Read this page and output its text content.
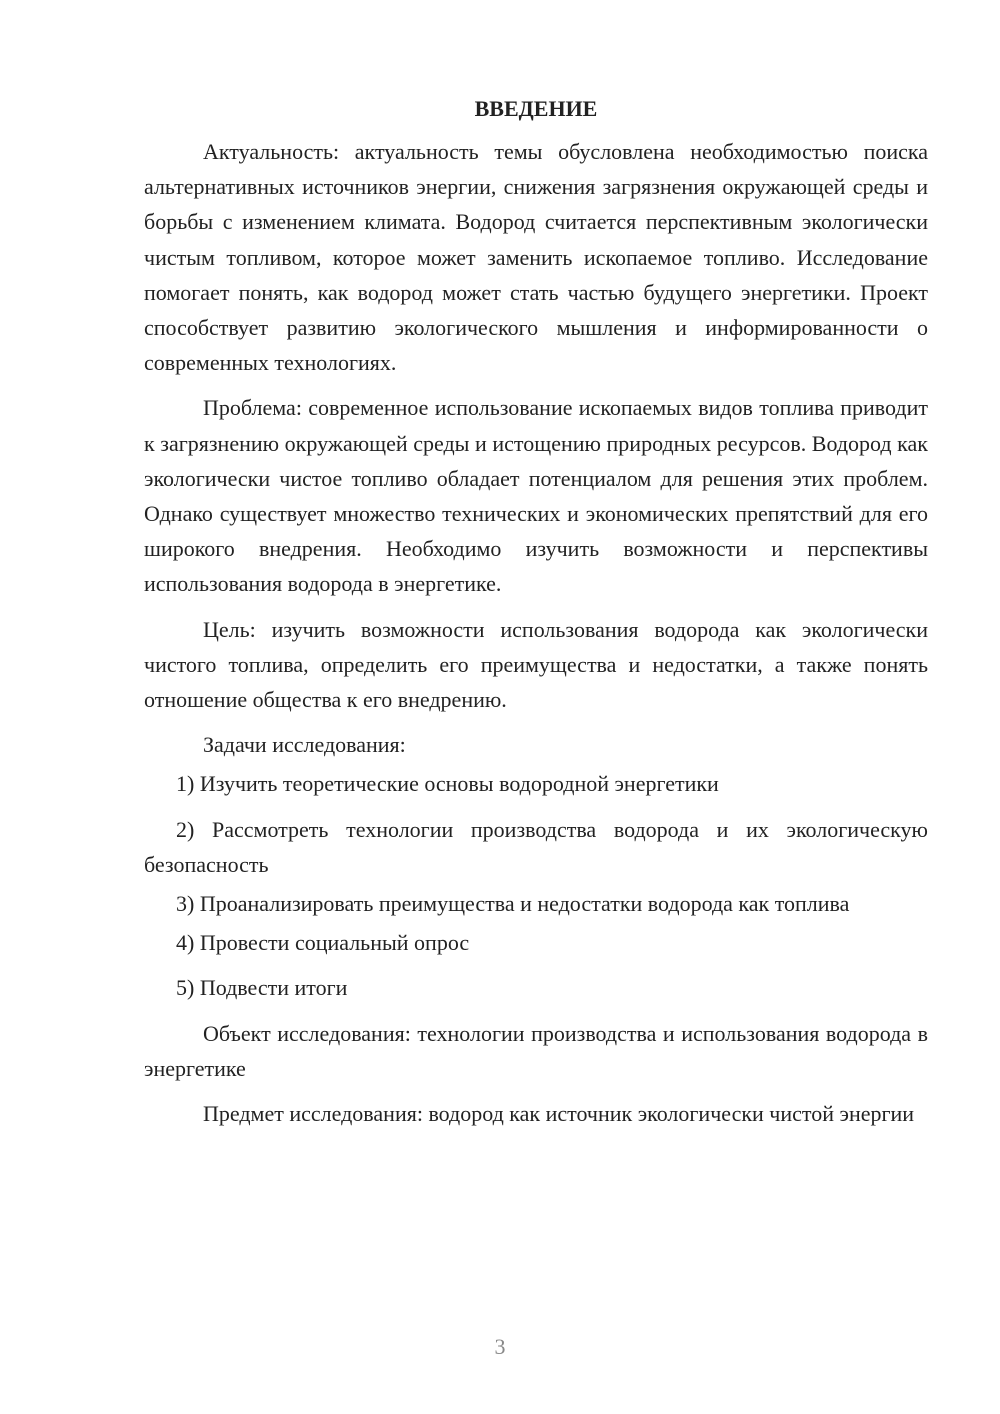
ВВЕДЕНИЕ

Актуальность: актуальность темы обусловлена необходимостью поиска альтернативных источников энергии, снижения загрязнения окружающей среды и борьбы с изменением климата. Водород считается перспективным экологически чистым топливом, которое может заменить ископаемое топливо. Исследование помогает понять, как водород может стать частью будущего энергетики. Проект способствует развитию экологического мышления и информированности о современных технологиях.

Проблема: современное использование ископаемых видов топлива приводит к загрязнению окружающей среды и истощению природных ресурсов. Водород как экологически чистое топливо обладает потенциалом для решения этих проблем. Однако существует множество технических и экономических препятствий для его широкого внедрения. Необходимо изучить возможности и перспективы использования водорода в энергетике.

Цель: изучить возможности использования водорода как экологически чистого топлива, определить его преимущества и недостатки, а также понять отношение общества к его внедрению.

Задачи исследования:

1) Изучить теоретические основы водородной энергетики

2) Рассмотреть технологии производства водорода и их экологическую безопасность

3) Проанализировать преимущества и недостатки водорода как топлива

4) Провести социальный опрос

5) Подвести итоги

Объект исследования: технологии производства и использования водорода в энергетике

Предмет исследования: водород как источник экологически чистой энергии

3
